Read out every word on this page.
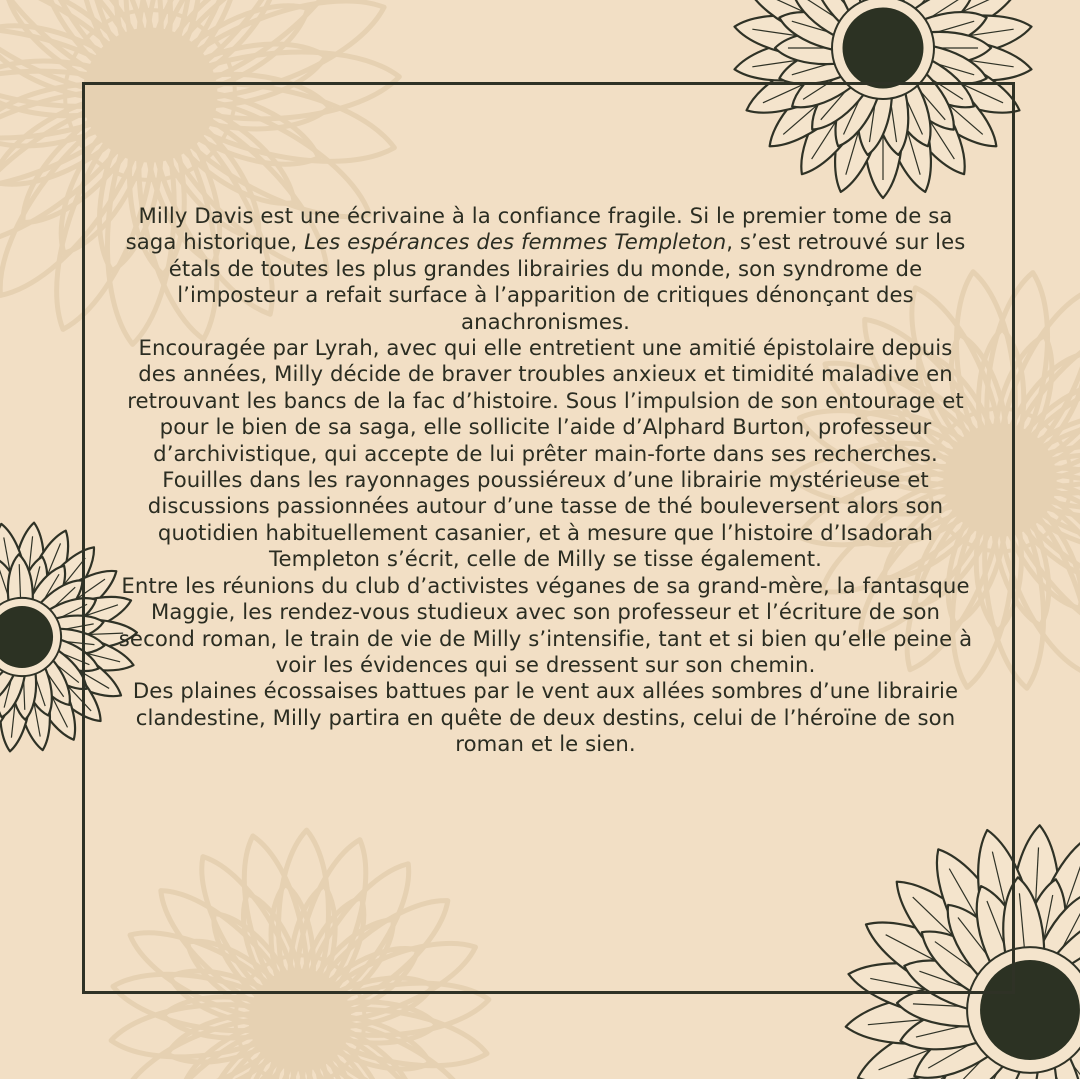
Milly Davis est une écrivaine à la confiance fragile. Si le premier tome de sa saga historique, Les espérances des femmes Templeton, s’est retrouvé sur les étals de toutes les plus grandes librairies du monde, son syndrome de l’imposteur a refait surface à l’apparition de critiques dénonçant des anachronismes.

Encouragée par Lyrah, avec qui elle entretient une amitié épistolaire depuis des années, Milly décide de braver troubles anxieux et timidité maladive en retrouvant les bancs de la fac d’histoire. Sous l’impulsion de son entourage et pour le bien de sa saga, elle sollicite l’aide d’Alphard Burton, professeur d’archivistique, qui accepte de lui prêter main-forte dans ses recherches.

Fouilles dans les rayonnages poussiéreux d’une librairie mystérieuse et discussions passionnées autour d’une tasse de thé bouleversent alors son quotidien habituellement casanier, et à mesure que l’histoire d’Isadorah Templeton s’écrit, celle de Milly se tisse également.

Entre les réunions du club d’activistes véganes de sa grand-mère, la fantasque Maggie, les rendez-vous studieux avec son professeur et l’écriture de son second roman, le train de vie de Milly s’intensifie, tant et si bien qu’elle peine à voir les évidences qui se dressent sur son chemin.

Des plaines écossaises battues par le vent aux allées sombres d’une librairie clandestine, Milly partira en quête de deux destins, celui de l’héroïne de son roman et le sien.
